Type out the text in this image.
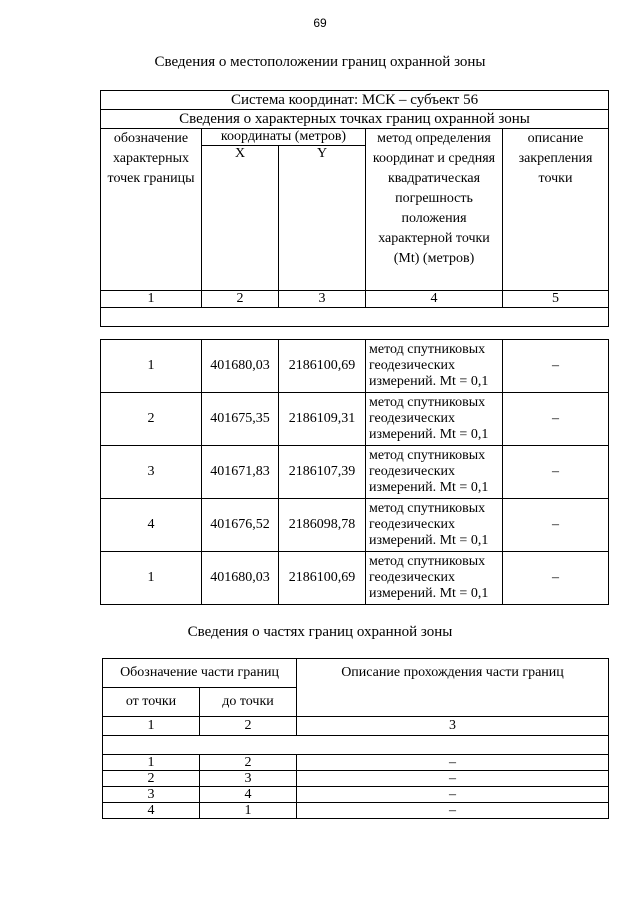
69
Сведения о местоположении границ охранной зоны
Система координат: МСК – субъект 56				
Сведения о характерных точках границ охранной зоны				
обозначение характерных точек границы	координаты (метров)		метод определения координат и средняя квадратическая погрешность положения характерной точки (Mt) (метров)	описание закрепления точки
	X	Y		
1	2	3	4	5

1	401680,03	2186100,69	метод спутниковых геодезических измерений. Mt = 0,1	–
2	401675,35	2186109,31	метод спутниковых геодезических измерений. Mt = 0,1	–
3	401671,83	2186107,39	метод спутниковых геодезических измерений. Mt = 0,1	–
4	401676,52	2186098,78	метод спутниковых геодезических измерений. Mt = 0,1	–
1	401680,03	2186100,69	метод спутниковых геодезических измерений. Mt = 0,1	–
Сведения о частях границ охранной зоны
Обозначение части границ		Описание прохождения части границ
от точки	до точки	
1	2	3

1	2	–
2	3	–
3	4	–
4	1	–
